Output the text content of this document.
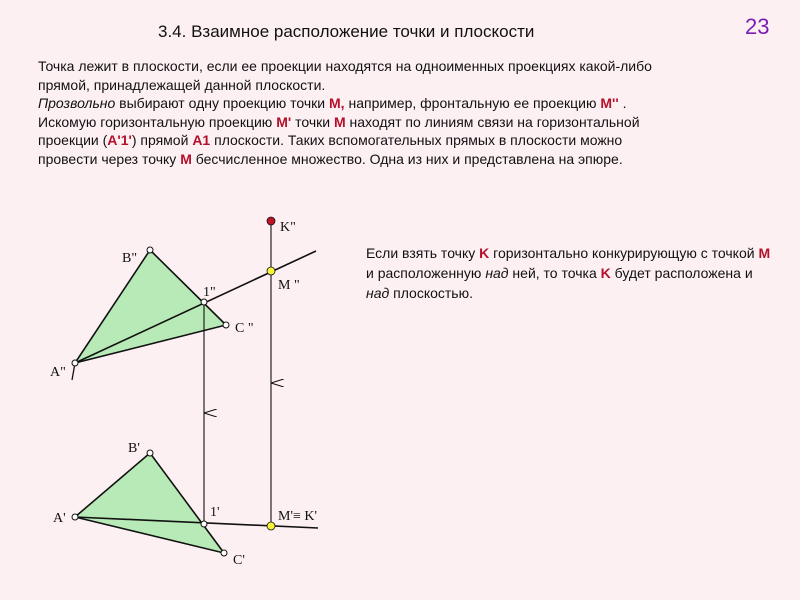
3.4. Взаимное расположение точки и плоскости	23

Точка лежит в плоскости, если ее проекции находятся на одноименных проекциях какой-либо

прямой, принадлежащей данной плоскости.

Прозвольно выбирают одну проекцию точки M, например, фронтальную ее проекцию M'' .

Искомую горизонтальную проекцию M' точки M находят по линиям связи на горизонтальной

проекции (A'1') прямой A1 плоскости. Таких вспомогательных прямых в плоскости можно

провести через точку M бесчисленное множество. Одна из них и представлена на эпюре.

Если взять точку K горизонтально конкурирующую с точкой M и расположенную над ней, то точка K будет расположена и над плоскостью.
K"
B"
1"	M "
C "
A"
B'
A'	1'	M'≡ K'
C'
